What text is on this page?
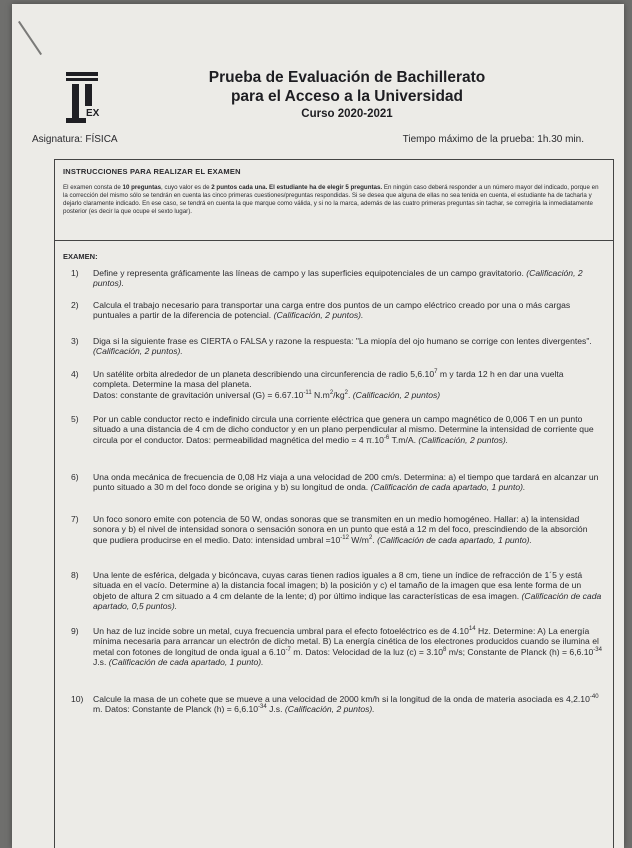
EX
Prueba de Evaluación de Bachillerato
para el Acceso a la Universidad
Curso 2020-2021
Asignatura: FÍSICA	Tiempo máximo de la prueba: 1h.30 min.
INSTRUCCIONES PARA REALIZAR EL EXAMEN
El examen consta de 10 preguntas, cuyo valor es de 2 puntos cada una. El estudiante ha de elegir 5 preguntas. En ningún caso deberá responder a un número mayor del indicado, porque en la corrección del mismo sólo se tendrán en cuenta las cinco primeras cuestiones/preguntas respondidas. Si se desea que alguna de ellas no sea tenida en cuenta, el estudiante ha de tacharla y dejarlo claramente indicado. En ese caso, se tendrá en cuenta la que marque como válida, y si no la marca, además de las cuatro primeras preguntas sin tachar, se corregiría la inmediatamente posterior (es decir la que ocupe el sexto lugar).
EXAMEN:
1) Define y representa gráficamente las líneas de campo y las superficies equipotenciales de un campo gravitatorio. (Calificación, 2 puntos).
2) Calcula el trabajo necesario para transportar una carga entre dos puntos de un campo eléctrico creado por una o más cargas puntuales a partir de la diferencia de potencial. (Calificación, 2 puntos).
3) Diga si la siguiente frase es CIERTA o FALSA y razone la respuesta: "La miopía del ojo humano se corrige con lentes divergentes". (Calificación, 2 puntos).
4) Un satélite orbita alrededor de un planeta describiendo una circunferencia de radio 5,6.10$^7$ m y tarda 12 h en dar una vuelta completa. Determine la masa del planeta.
Datos: constante de gravitación universal $(G) = 6.67.10^{-11}$ $N.m^2/kg^2$. (Calificación, 2 puntos)
5) Por un cable conductor recto e indefinido circula una corriente eléctrica que genera un campo magnético de 0,006 T en un punto situado a una distancia de 4 cm de dicho conductor y en un plano perpendicular al mismo. Determine la intensidad de corriente que circula por el conductor. Datos: permeabilidad magnética del medio = 4 $\pi.10^{-6}$ T.m/A. (Calificación, 2 puntos).
6) Una onda mecánica de frecuencia de 0,08 Hz viaja a una velocidad de 200 cm/s. Determina: a) el tiempo que tardará en alcanzar un punto situado a 30 m del foco donde se origina y b) su longitud de onda. (Calificación de cada apartado, 1 punto).
7) Un foco sonoro emite con potencia de 50 W, ondas sonoras que se transmiten en un medio homogéneo. Hallar: a) la intensidad sonora y b) el nivel de intensidad sonora o sensación sonora en un punto que está a 12 m del foco, prescindiendo de la absorción que pudiera producirse en el medio. Dato: intensidad umbral $=10^{-12}$ $W/m^2$. (Calificación de cada apartado, 1 punto).
8) Una lente de esférica, delgada y bicóncava, cuyas caras tienen radios iguales a 8 cm, tiene un índice de refracción de 1´5 y está situada en el vacío. Determine a) la distancia focal imagen; b) la posición y c) el tamaño de la imagen que esa lente forma de un objeto de altura 2 cm situado a 4 cm delante de la lente; d) por último indique las características de esa imagen. (Calificación de cada apartado, 0,5 puntos).
9) Un haz de luz incide sobre un metal, cuya frecuencia umbral para el efecto fotoeléctrico es de 4.10$^{14}$ Hz. Determine: A) La energía mínima necesaria para arrancar un electrón de dicho metal. B) La energía cinética de los electrones producidos cuando se ilumina el metal con fotones de longitud de onda igual a $6.10^{-7}$ m. Datos: Velocidad de la luz $(c) = 3.10^8$ m/s; Constante de Planck $(h) = 6,6.10^{-34}$ J.s. (Calificación de cada apartado, 1 punto).
10) Calcule la masa de un cohete que se mueve a una velocidad de 2000 km/h si la longitud de la onda de materia asociada es $4,2.10^{-40}$ m. Datos: Constante de Planck $(h) = 6,6.10^{-34}$ J.s. (Calificación, 2 puntos).
